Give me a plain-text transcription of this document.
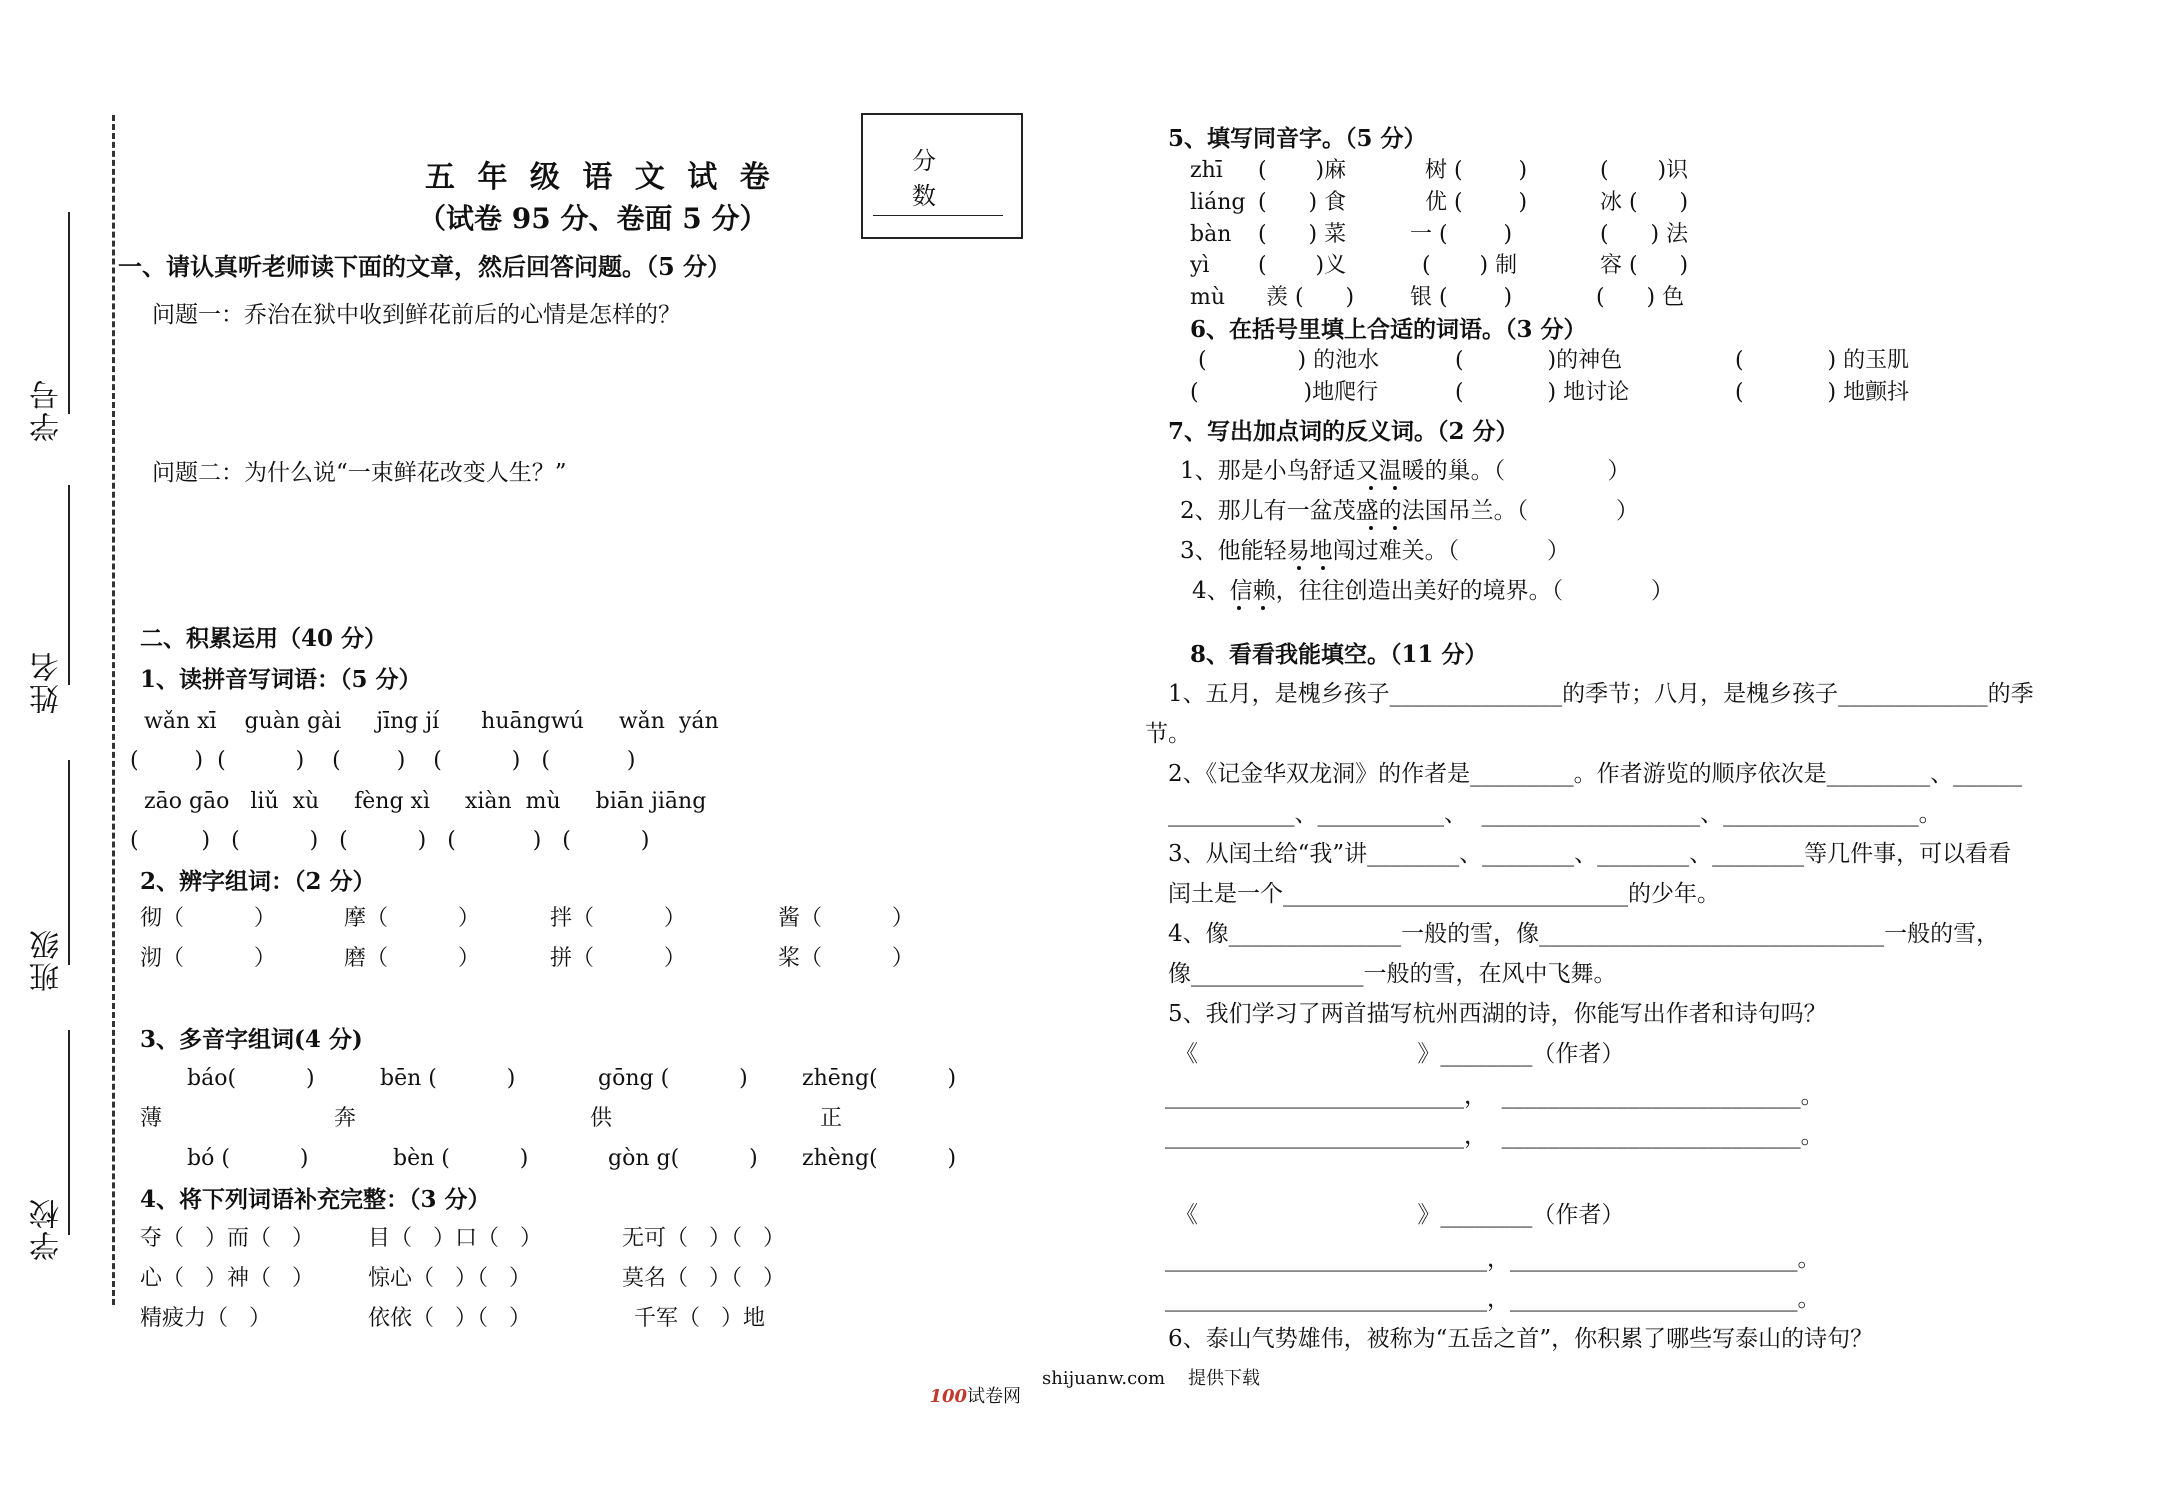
学号
姓名
班级
学校
分 数
五 年 级 语 文 试 卷
（试卷 95 分、卷面 5 分）
一、请认真听老师读下面的文章，然后回答问题。（5 分）
问题一：乔治在狱中收到鲜花前后的心情是怎样的？
问题二：为什么说“一束鲜花改变人生？”
二、积累运用（40 分）
1、读拼音写词语：（5 分）
wǎn xī    guàn gài     jīng jí      huāngwú     wǎn  yán
(        )  (          )    (        )    (          )   (           )
zāo gāo   liǔ  xù     fèng xì     xiàn  mù     biān jiāng
(         )   (          )   (          )   (           )   (          )
2、辨字组词：（2 分）
彻（          ）	摩（          ）	拌（          ）	酱（          ）
沏（          ）	磨（          ）	拼（          ）	桨（          ）
3、多音字组词(4 分)
báo(          )	bēn (          )	gōng (          ) zhēng(          )
薄	奔	供	正
bó (          )	bèn (          )	gòn g(          ) zhèng(          )
4、将下列词语补充完整：（3 分）
夺（   ）而（   ） 目（   ）口（   ）	无可（   ）（   ）
心（   ）神（   ） 惊心（   ）（   ）	莫名（   ）（   ）
精疲力（   ）	依依（   ）（   ）	千军（   ）地
5、填写同音字。（5 分）
zhī (       )麻	树 (        )	(       )识
liáng (      ) 食	优 (        )	冰 (      )
bàn (      ) 菜	一 (        )	(      ) 法
yì (       )义	(       ) 制	容 (      )
mù 羡 (      )	银 (        )	(      ) 色
6、在括号里填上合适的词语。（3 分）
(             ) 的池水	(            )的神色	(            ) 的玉肌
(               )地爬行	(            ) 地讨论	(            ) 地颤抖
7、写出加点词的反义词。（2 分）
1、那是小鸟舒适又温暖的巢。（              ）
2、那儿有一盆茂盛的法国吊兰。（            ）
3、他能轻易地闯过难关。（            ）
4、信赖，往往创造出美好的境界。（            ）
8、看看我能填空。（11 分）
1、五月，是槐乡孩子_______________的季节；八月，是槐乡孩子_____________的季
节。
2、《记金华双龙洞》的作者是_________。作者游览的顺序依次是_________、______
___________、___________、  ___________________、_________________。
3、从闰土给“我”讲________、________、________、________等几件事，可以看看
闰土是一个______________________________的少年。
4、像_______________一般的雪，像______________________________一般的雪，
像_______________一般的雪，在风中飞舞。
5、我们学习了两首描写杭州西湖的诗，你能写出作者和诗句吗？
《                              》________（作者）
__________________________，  __________________________。
__________________________，  __________________________。
《                              》________（作者）
____________________________，_________________________。
____________________________，_________________________。
6、泰山气势雄伟，被称为“五岳之首”，你积累了哪些写泰山的诗句？

100试卷网

shijuanw.com 提供下载
